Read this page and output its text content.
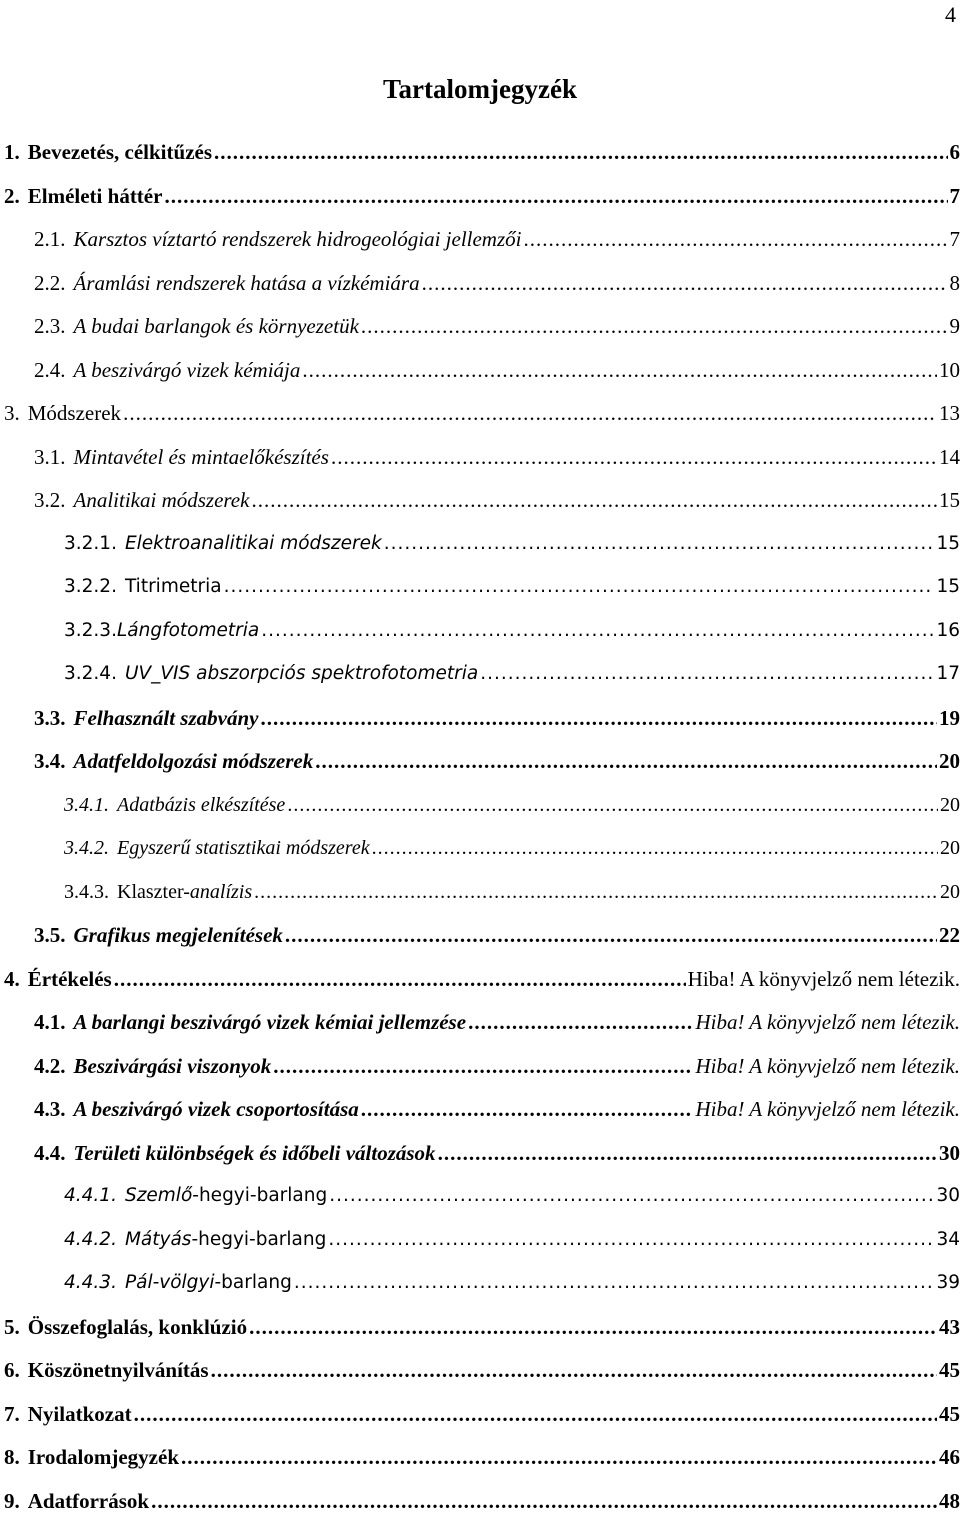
4
Tartalomjegyzék
1. Bevezetés, célkitűzés .....	6
2. Elméleti háttér .....	7
2.1. Karsztos víztartó rendszerek hidrogeológiai jellemzői .....	7
2.2. Áramlási rendszerek hatása a vízkémiára .....	8
2.3. A budai barlangok és környezetük .....	9
2.4. A beszivárgó vizek kémiája .....	10
3. Módszerek .....	13
3.1. Mintavétel és mintaelőkészítés .....	14
3.2. Analitikai módszerek .....	15
3.2.1. Elektroanalitikai módszerek .....	15
3.2.2. Titrimetria .....	15
3.2.3. Lángfotometria .....	16
3.2.4. UV_VIS abszorpciós spektrofotometria .....	17
3.3. Felhasznált szabvány .....	19
3.4. Adatfeldolgozási módszerek .....	20
3.4.1. Adatbázis elkészítése .....	20
3.4.2. Egyszerű statisztikai módszerek .....	20
3.4.3. Klaszter-analízis .....	20
3.5. Grafikus megjelenítések .....	22
4. Értékelés .....	Hiba! A könyvjelző nem létezik.
4.1. A barlangi beszivárgó vizek kémiai jellemzése .....	Hiba! A könyvjelző nem létezik.
4.2. Beszivárgási viszonyok .....	Hiba! A könyvjelző nem létezik.
4.3. A beszivárgó vizek csoportosítása .....	Hiba! A könyvjelző nem létezik.
4.4. Területi különbségek és időbeli változások .....	30
4.4.1. Szemlő-hegyi-barlang .....	30
4.4.2. Mátyás-hegyi-barlang .....	34
4.4.3. Pál-völgyi-barlang .....	39
5. Összefoglalás, konklúzió .....	43
6. Köszönetnyilvánítás .....	45
7. Nyilatkozat .....	45
8. Irodalomjegyzék .....	46
9. Adatforrások .....	48
